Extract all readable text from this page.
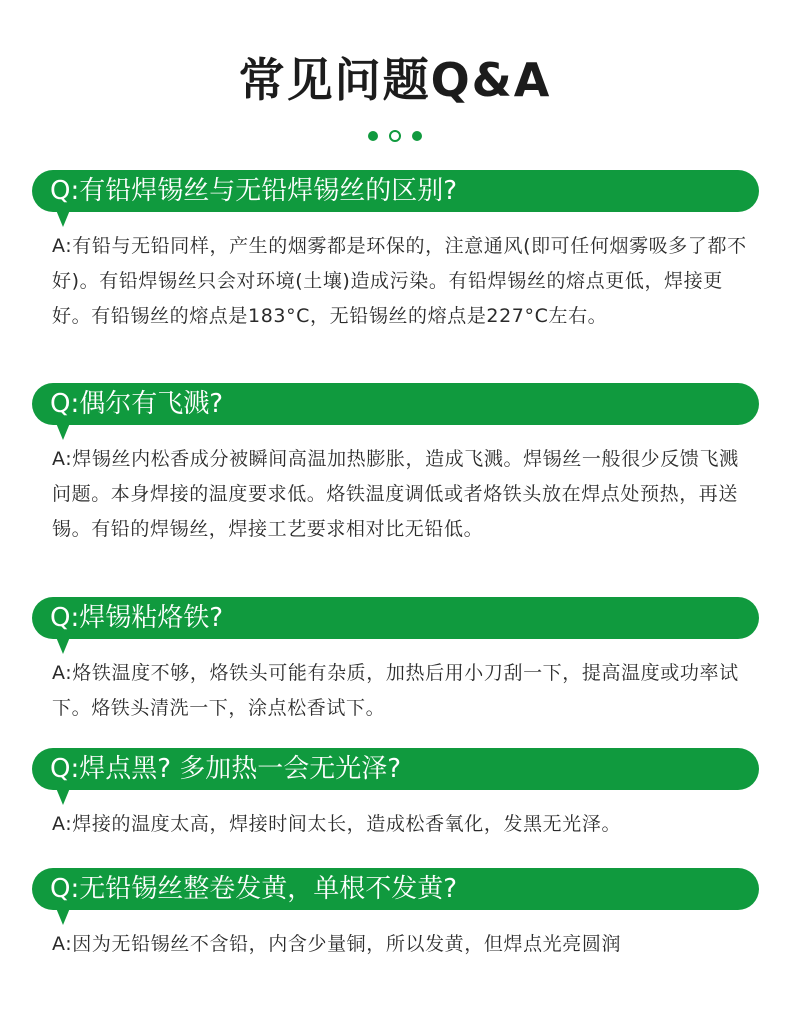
常见问题Q&A

Q:有铅焊锡丝与无铅焊锡丝的区别?
A:有铅与无铅同样，产生的烟雾都是环保的，注意通风(即可任何烟雾吸多了都不好)。有铅焊锡丝只会对环境(土壤)造成污染。有铅焊锡丝的熔点更低，焊接更好。有铅锡丝的熔点是183°C，无铅锡丝的熔点是227°C左右。
Q:偶尔有飞溅?
A:焊锡丝内松香成分被瞬间高温加热膨胀，造成飞溅。焊锡丝一般很少反馈飞溅问题。本身焊接的温度要求低。烙铁温度调低或者烙铁头放在焊点处预热，再送锡。有铅的焊锡丝，焊接工艺要求相对比无铅低。
Q:焊锡粘烙铁?
A:烙铁温度不够，烙铁头可能有杂质，加热后用小刀刮一下，提高温度或功率试下。烙铁头清洗一下，涂点松香试下。
Q:焊点黑? 多加热一会无光泽?
A:焊接的温度太高，焊接时间太长，造成松香氧化，发黑无光泽。
Q:无铅锡丝整卷发黄，单根不发黄?
A:因为无铅锡丝不含铅，内含少量铜，所以发黄，但焊点光亮圆润
